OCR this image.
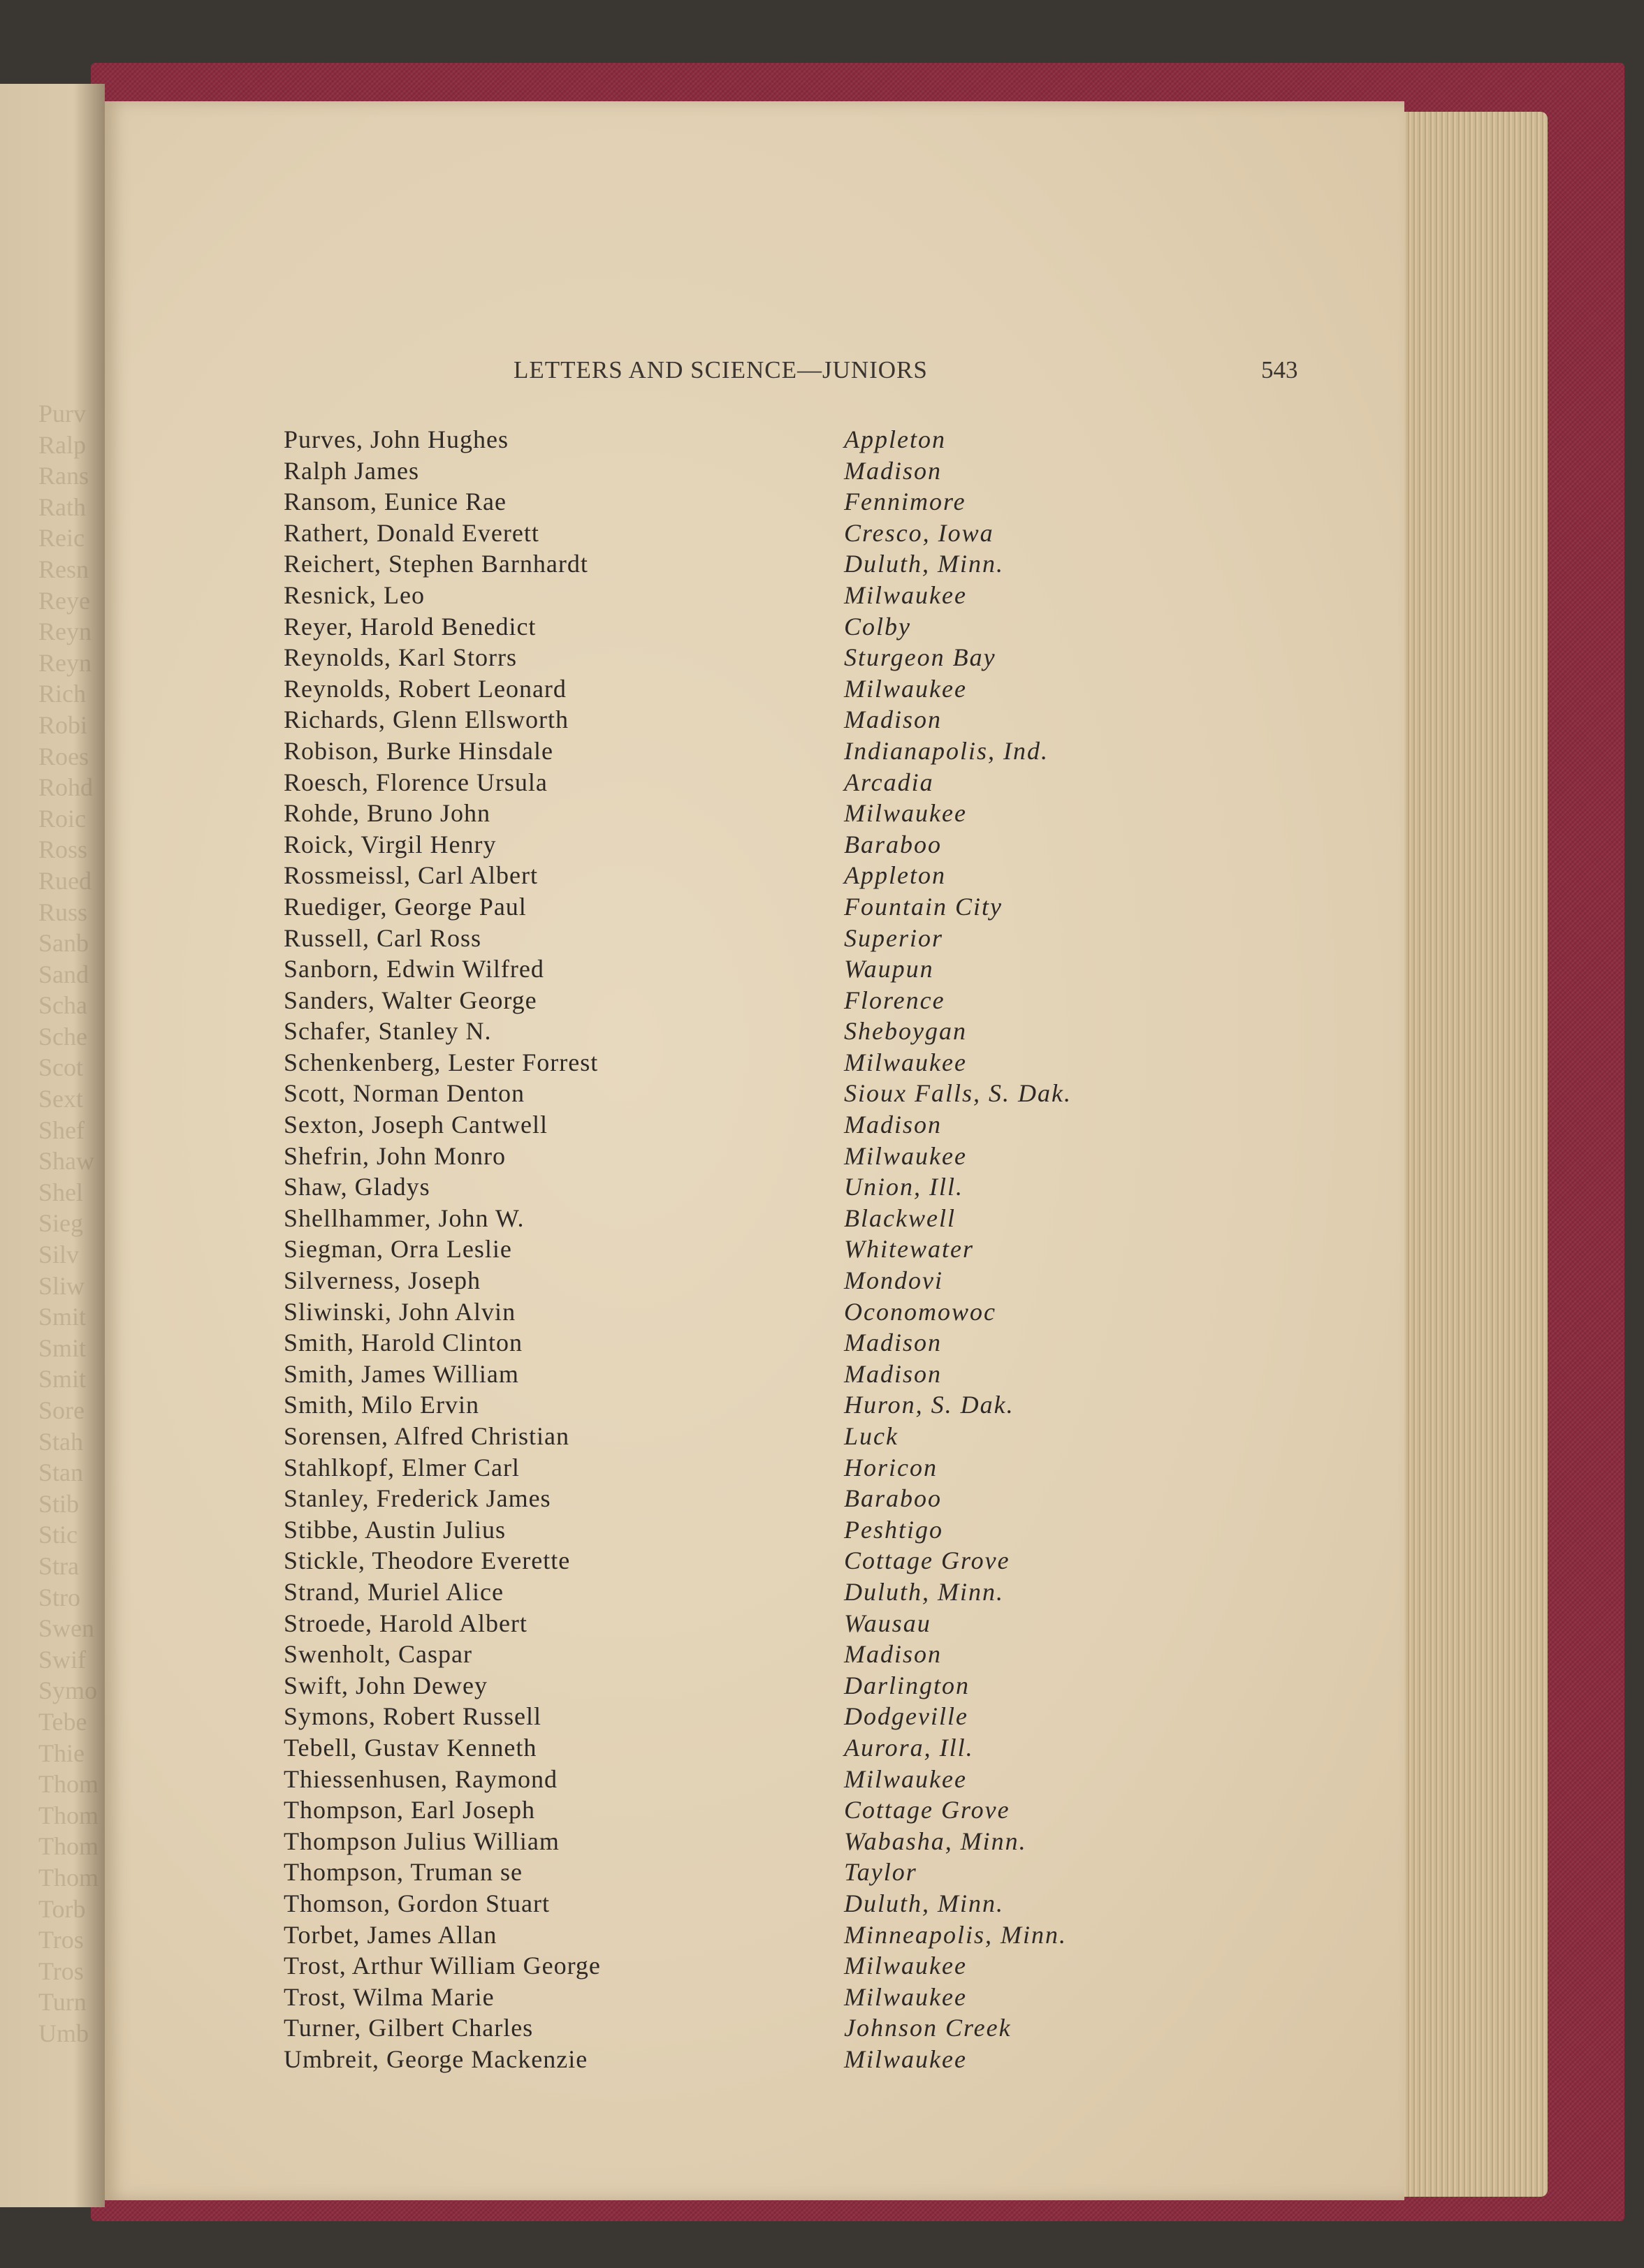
Purv
Ralp
Rans
Rath
Reic
Resn
Reye
Reyn
Reyn
Rich
Robi
Roes
Rohd
Roic
Ross
Rued
Russ
Sanb
Sand
Scha
Sche
Scot
Sext
Shef
Shaw
Shel
Sieg
Silv
Sliw
Smit
Smit
Smit
Sore
Stah
Stan
Stib
Stic
Stra
Stro
Swen
Swif
Symo
Tebe
Thie
Thom
Thom
Thom
Thom
Torb
Tros
Tros
Turn
Umb
LETTERS AND SCIENCE—JUNIORS	543
Purves, John Hughes	Appleton
Ralph James	Madison
Ransom, Eunice Rae	Fennimore
Rathert, Donald Everett	Cresco, Iowa
Reichert, Stephen Barnhardt	Duluth, Minn.
Resnick, Leo	Milwaukee
Reyer, Harold Benedict	Colby
Reynolds, Karl Storrs	Sturgeon Bay
Reynolds, Robert Leonard	Milwaukee
Richards, Glenn Ellsworth	Madison
Robison, Burke Hinsdale	Indianapolis, Ind.
Roesch, Florence Ursula	Arcadia
Rohde, Bruno John	Milwaukee
Roick, Virgil Henry	Baraboo
Rossmeissl, Carl Albert	Appleton
Ruediger, George Paul	Fountain City
Russell, Carl Ross	Superior
Sanborn, Edwin Wilfred	Waupun
Sanders, Walter George	Florence
Schafer, Stanley N.	Sheboygan
Schenkenberg, Lester Forrest	Milwaukee
Scott, Norman Denton	Sioux Falls, S. Dak.
Sexton, Joseph Cantwell	Madison
Shefrin, John Monro	Milwaukee
Shaw, Gladys	Union, Ill.
Shellhammer, John W.	Blackwell
Siegman, Orra Leslie	Whitewater
Silverness, Joseph	Mondovi
Sliwinski, John Alvin	Oconomowoc
Smith, Harold Clinton	Madison
Smith, James William	Madison
Smith, Milo Ervin	Huron, S. Dak.
Sorensen, Alfred Christian	Luck
Stahlkopf, Elmer Carl	Horicon
Stanley, Frederick James	Baraboo
Stibbe, Austin Julius	Peshtigo
Stickle, Theodore Everette	Cottage Grove
Strand, Muriel Alice	Duluth, Minn.
Stroede, Harold Albert	Wausau
Swenholt, Caspar	Madison
Swift, John Dewey	Darlington
Symons, Robert Russell	Dodgeville
Tebell, Gustav Kenneth	Aurora, Ill.
Thiessenhusen, Raymond	Milwaukee
Thompson, Earl Joseph	Cottage Grove
Thompson Julius William	Wabasha, Minn.
Thompson, Truman se	Taylor
Thomson, Gordon Stuart	Duluth, Minn.
Torbet, James Allan	Minneapolis, Minn.
Trost, Arthur William George	Milwaukee
Trost, Wilma Marie	Milwaukee
Turner, Gilbert Charles	Johnson Creek
Umbreit, George Mackenzie	Milwaukee
